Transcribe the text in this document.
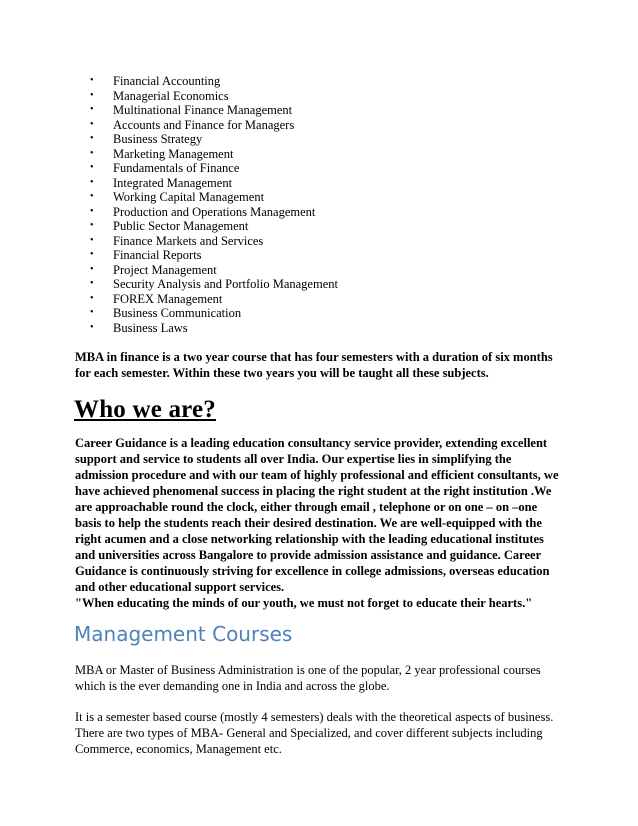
• Financial Accounting
• Managerial Economics
• Multinational Finance Management
• Accounts and Finance for Managers
• Business Strategy
• Marketing Management
• Fundamentals of Finance
• Integrated Management
• Working Capital Management
• Production and Operations Management
• Public Sector Management
• Finance Markets and Services
• Financial Reports
• Project Management
• Security Analysis and Portfolio Management
• FOREX Management
• Business Communication
• Business Laws
MBA in finance is a two year course that has four semesters with a duration of six months
for each semester. Within these two years you will be taught all these subjects.
Who we are?
Career Guidance is a leading education consultancy service provider, extending excellent
support and service to students all over India. Our expertise lies in simplifying the
admission procedure and with our team of highly professional and efficient consultants, we
have achieved phenomenal success in placing the right student at the right institution .We
are approachable round the clock, either through email , telephone or on one – on –one
basis to help the students reach their desired destination. We are well-equipped with the
right acumen and a close networking relationship with the leading educational institutes
and universities across Bangalore to provide admission assistance and guidance. Career
Guidance is continuously striving for excellence in college admissions, overseas education
and other educational support services.
"When educating the minds of our youth, we must not forget to educate their hearts."
Management Courses
MBA or Master of Business Administration is one of the popular, 2 year professional courses
which is the ever demanding one in India and across the globe.
It is a semester based course (mostly 4 semesters) deals with the theoretical aspects of business.
There are two types of MBA- General and Specialized, and cover different subjects including
Commerce, economics, Management etc.
